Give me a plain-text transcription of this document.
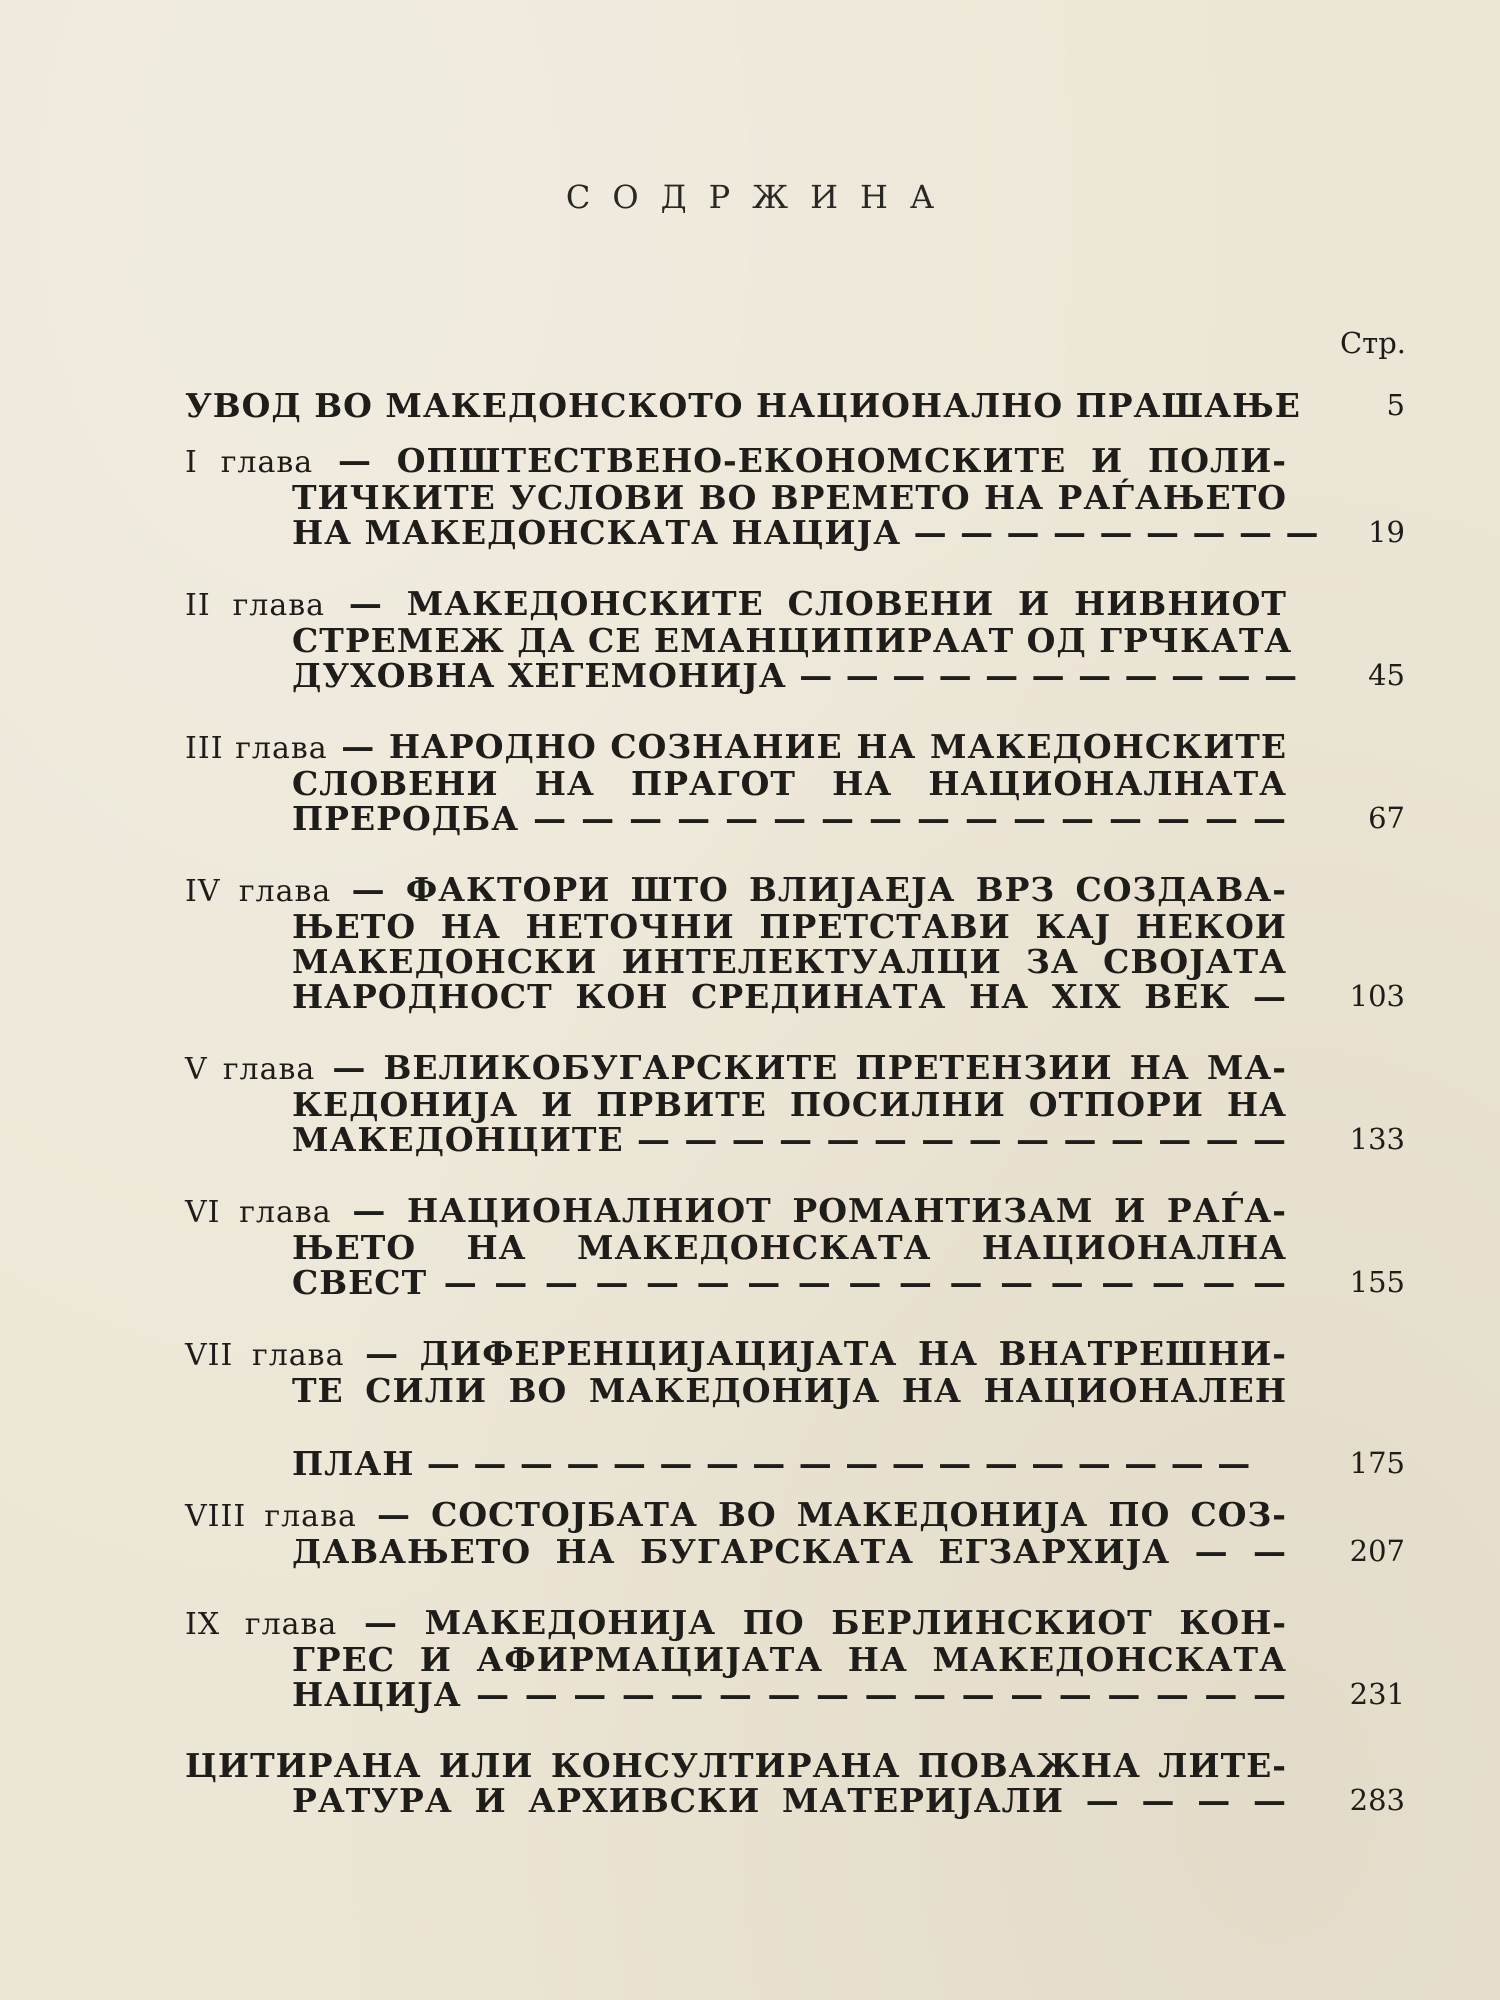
СОДРЖИНА
Стр.
УВОД ВО МАКЕДОНСКОТО НАЦИОНАЛНО ПРАШАЊЕ	5
I глава — ОПШТЕСТВЕНО-ЕКОНОМСКИТЕ И ПОЛИ-
ТИЧКИТЕ УСЛОВИ ВО ВРЕМЕТО НА РАЃАЊЕТО
НА МАКЕДОНСКАТА НАЦИЈА — — — — — — — — — 19
II глава — МАКЕДОНСКИТЕ СЛОВЕНИ И НИВНИОТ
СТРЕМЕЖ ДА СЕ ЕМАНЦИПИРААТ ОД ГРЧКАТА
ДУХОВНА ХЕГЕМОНИЈА — — — — — — — — — — — 45
III глава — НАРОДНО СОЗНАНИЕ НА МАКЕДОНСКИТЕ
СЛОВЕНИ НА ПРАГОТ НА НАЦИОНАЛНАТА
ПРЕРОДБА — — — — — — — — — — — — — — — —	67
IV глава — ФАКТОРИ ШТО ВЛИЈАЕЈА ВРЗ СОЗДАВА-
ЊЕТО НА НЕТОЧНИ ПРЕТСТАВИ КАЈ НЕКОИ
МАКЕДОНСКИ ИНТЕЛЕКТУАЛЦИ ЗА СВОЈАТА
НАРОДНОСТ КОН СРЕДИНАТА НА XIX ВЕК — 103
V глава — ВЕЛИКОБУГАРСКИТЕ ПРЕТЕНЗИИ НА МА-
КЕДОНИЈА И ПРВИТЕ ПОСИЛНИ ОТПОРИ НА
МАКЕДОНЦИТЕ — — — — — — — — — — — — — — 133
VI глава — НАЦИОНАЛНИОТ РОМАНТИЗАМ И РАЃА-
ЊЕТО НА МАКЕДОНСКАТА НАЦИОНАЛНА
СВЕСТ — — — — — — — — — — — — — — — — — 155
VII глава — ДИФЕРЕНЦИЈАЦИЈАТА НА ВНАТРЕШНИ-
ТЕ СИЛИ ВО МАКЕДОНИЈА НА НАЦИОНАЛЕН
ПЛАН — — — — — — — — — — — — — — — — — —	175
VIII глава — СОСТОЈБАТА ВО МАКЕДОНИЈА ПО СОЗ-
ДАВАЊЕТО НА БУГАРСКАТА ЕГЗАРХИЈА — — 207
IX глава — МАКЕДОНИЈА ПО БЕРЛИНСКИОТ КОН-
ГРЕС И АФИРМАЦИЈАТА НА МАКЕДОНСКАТА
НАЦИЈА — — — — — — — — — — — — — — — — — 231
ЦИТИРАНА ИЛИ КОНСУЛТИРАНА ПОВАЖНА ЛИТЕ-
РАТУРА И АРХИВСКИ МАТЕРИЈАЛИ — — — — 283
